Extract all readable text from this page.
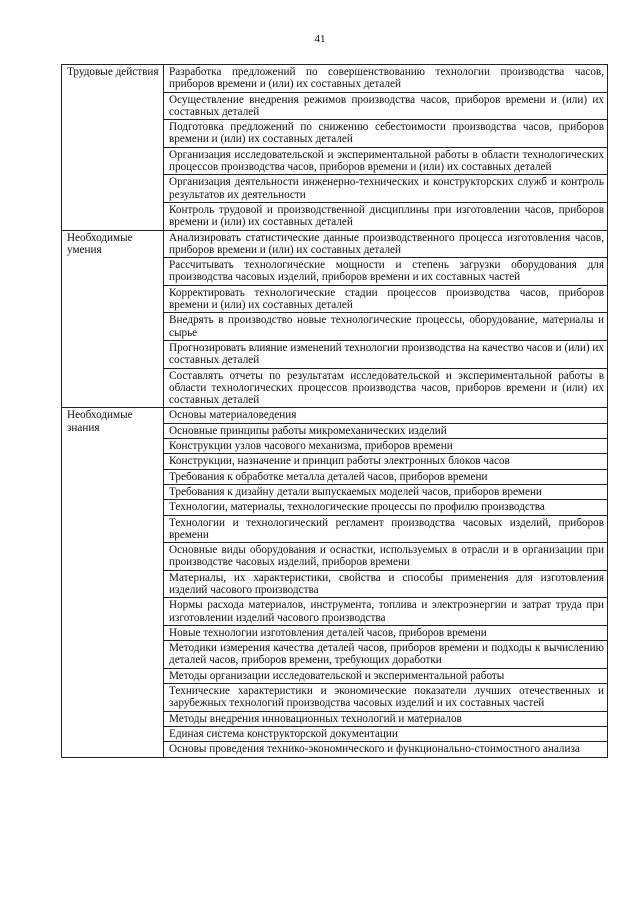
41
Трудовые действия	Разработка предложений по совершенствованию технологии производства часов, приборов времени и (или) их составных деталей
	Осуществление внедрения режимов производства часов, приборов времени и (или) их составных деталей
	Подготовка предложений по снижению себестоимости производства часов, приборов времени и (или) их составных деталей
	Организация исследовательской и экспериментальной работы в области технологических процессов производства часов, приборов времени и (или) их составных деталей
	Организация деятельности инженерно-технических и конструкторских служб и контроль результатов их деятельности
	Контроль трудовой и производственной дисциплины при изготовлении часов, приборов времени и (или) их составных деталей
Необходимые умения	Анализировать статистические данные производственного процесса изготовления часов, приборов времени и (или) их составных деталей
	Рассчитывать технологические мощности и степень загрузки оборудования для производства часовых изделий, приборов времени и их составных частей
	Корректировать технологические стадии процессов производства часов, приборов времени и (или) их составных деталей
	Внедрять в производство новые технологические процессы, оборудование, материалы и сырье
	Прогнозировать влияние изменений технологии производства на качество часов и (или) их составных деталей
	Составлять отчеты по результатам исследовательской и экспериментальной работы в области технологических процессов производства часов, приборов времени и (или) их составных деталей
Необходимые знания	Основы материаловедения
	Основные принципы работы микромеханических изделий
	Конструкции узлов часового механизма, приборов времени
	Конструкции, назначение и принцип работы электронных блоков часов
	Требования к обработке металла деталей часов, приборов времени
	Требования к дизайну детали выпускаемых моделей часов, приборов времени
	Технологии, материалы, технологические процессы по профилю производства
	Технологии и технологический регламент производства часовых изделий, приборов времени
	Основные виды оборудования и оснастки, используемых в отрасли и в организации при производстве часовых изделий, приборов времени
	Материалы, их характеристики, свойства и способы применения для изготовления изделий часового производства
	Нормы расхода материалов, инструмента, топлива и электроэнергии и затрат труда при изготовлении изделий часового производства
	Новые технологии изготовления деталей часов, приборов времени
	Методики измерения качества деталей часов, приборов времени и подходы к вычислению деталей часов, приборов времени, требующих доработки
	Методы организации исследовательской и экспериментальной работы
	Технические характеристики и экономические показатели лучших отечественных и зарубежных технологий производства часовых изделий и их составных частей
	Методы внедрения инновационных технологий и материалов
	Единая система конструкторской документации
	Основы проведения технико-экономического и функционально-стоимостного анализа
